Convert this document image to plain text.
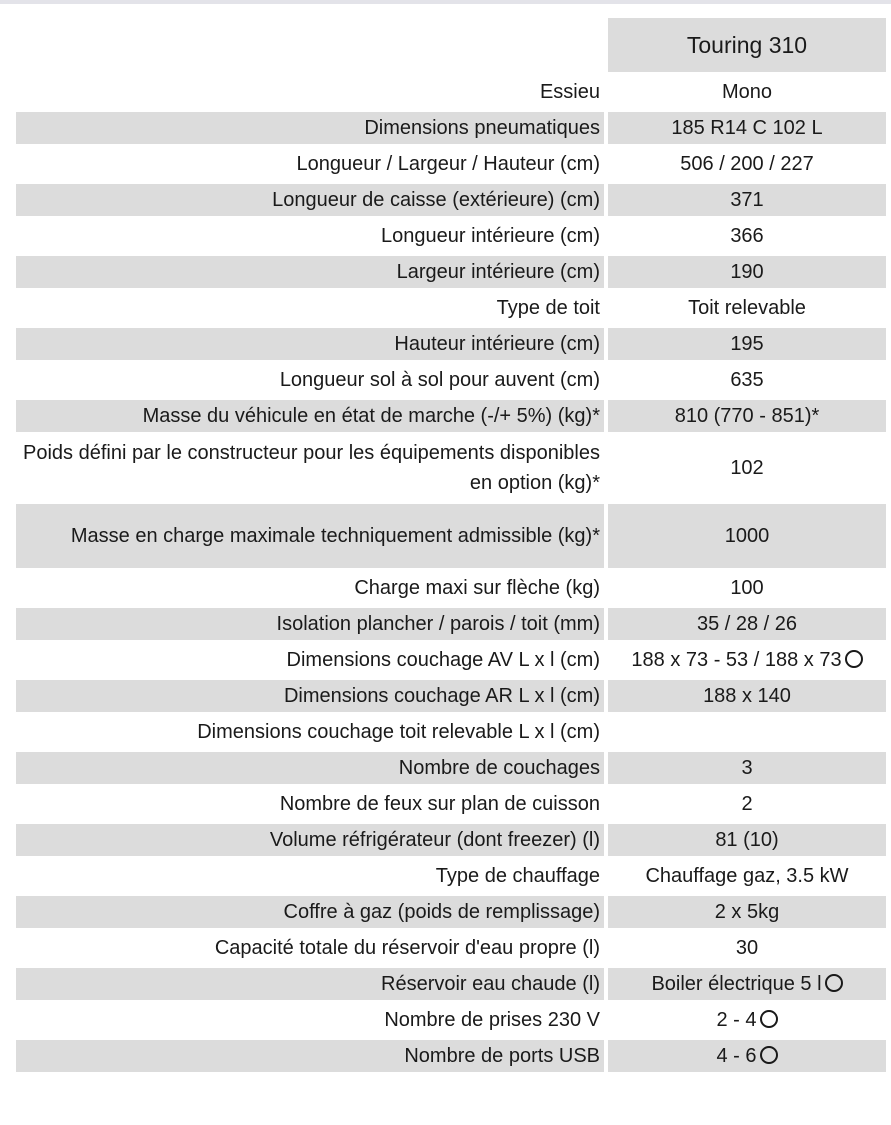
		Touring 310
Essieu		Mono
Dimensions pneumatiques		185 R14 C 102 L
Longueur / Largeur / Hauteur (cm)		506 / 200 / 227
Longueur de caisse (extérieure) (cm)		371
Longueur intérieure (cm)		366
Largeur intérieure (cm)		190
Type de toit		Toit relevable
Hauteur intérieure (cm)		195
Longueur sol à sol pour auvent (cm)		635
Masse du véhicule en état de marche (-/+ 5%) (kg)*		810 (770 - 851)*
Poids défini par le constructeur pour les équipements disponibles en option (kg)*		102
Masse en charge maximale techniquement admissible (kg)*		1000
Charge maxi sur flèche (kg)		100
Isolation plancher / parois / toit (mm)		35 / 28 / 26
Dimensions couchage AV L x l (cm)		188 x 73 - 53 / 188 x 73
Dimensions couchage AR L x l (cm)		188 x 140
Dimensions couchage toit relevable L x l (cm)		
Nombre de couchages		3
Nombre de feux sur plan de cuisson		2
Volume réfrigérateur (dont freezer) (l)		81 (10)
Type de chauffage		Chauffage gaz, 3.5 kW
Coffre à gaz (poids de remplissage)		2 x 5kg
Capacité totale du réservoir d'eau propre (l)		30
Réservoir eau chaude (l)		Boiler électrique 5 l
Nombre de prises 230 V		2 - 4
Nombre de ports USB		4 - 6
